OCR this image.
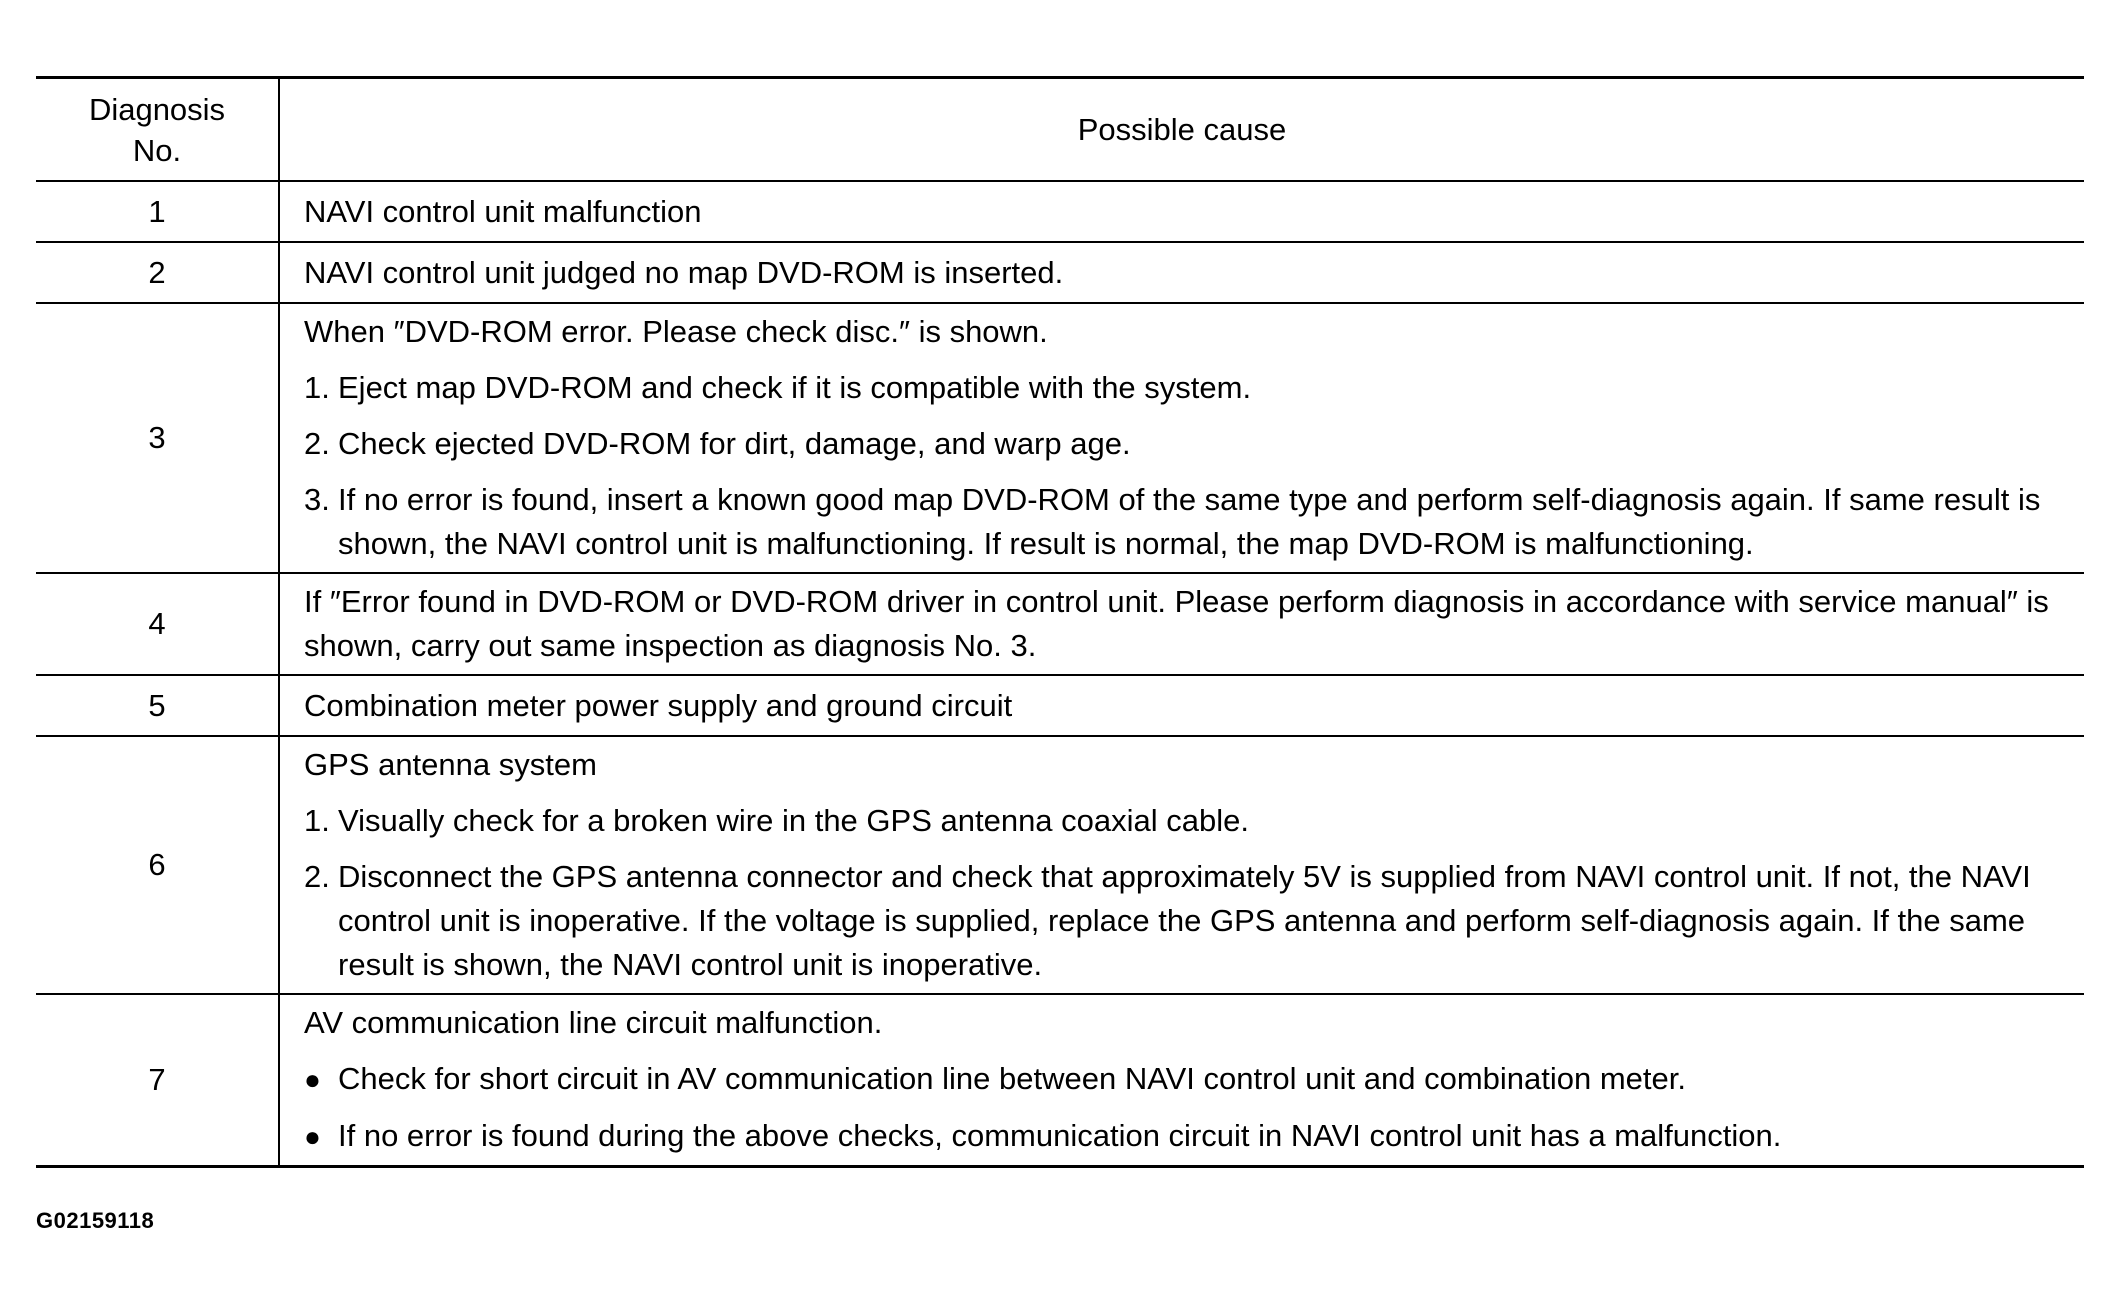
Diagnosis No.	Possible cause
1	NAVI control unit malfunction

2	NAVI control unit judged no map DVD-ROM is inserted.

3	When ″DVD-ROM error. Please check disc.″ is shown.
1. Eject map DVD-ROM and check if it is compatible with the system.
2. Check ejected DVD-ROM for dirt, damage, and warp age.
3. If no error is found, insert a known good map DVD-ROM of the same type and perform self-diagnosis again. If same result is shown, the NAVI control unit is malfunctioning. If result is normal, the map DVD-ROM is malfunctioning.

4	If ″Error found in DVD-ROM or DVD-ROM driver in control unit. Please perform diagnosis in accordance with service manual″ is shown, carry out same inspection as diagnosis No. 3.

5	Combination meter power supply and ground circuit

6	GPS antenna system
1. Visually check for a broken wire in the GPS antenna coaxial cable.
2. Disconnect the GPS antenna connector and check that approximately 5V is supplied from NAVI control unit. If not, the NAVI control unit is inoperative. If the voltage is supplied, replace the GPS antenna and perform self-diagnosis again. If the same result is shown, the NAVI control unit is inoperative.

7	AV communication line circuit malfunction.
● Check for short circuit in AV communication line between NAVI control unit and combination meter.
● If no error is found during the above checks, communication circuit in NAVI control unit has a malfunction.
G02159118
